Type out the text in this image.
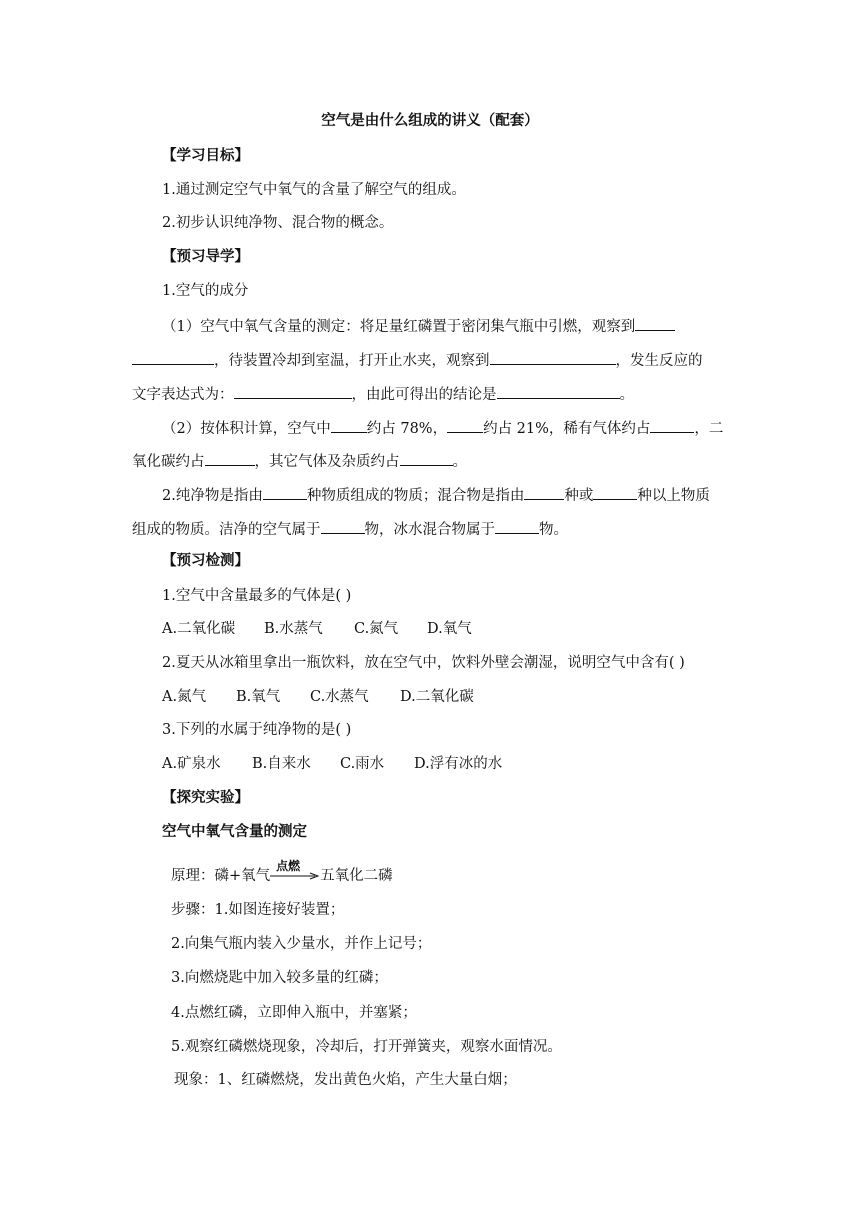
空气是由什么组成的讲义（配套）
【学习目标】
1.通过测定空气中氧气的含量了解空气的组成。
2.初步认识纯净物、混合物的概念。
【预习导学】
1.空气的成分
（1）空气中氧气含量的测定：将足量红磷置于密闭集气瓶中引燃，观察到
，待装置冷却到室温，打开止水夹，观察到	，发生反应的
文字表达式为：	，由此可得出的结论是	。
（2）按体积计算，空气中 约占 78%， 约占 21%，稀有气体约占	，二
氧化碳约占	，其它气体及杂质约占	。
2.纯净物是指由	种物质组成的物质；混合物是指由	种或	种以上物质
组成的物质。洁净的空气属于	物，冰水混合物属于	物。
【预习检测】
1.空气中含量最多的气体是( )
A.二氧化碳 B.水蒸气 C.氮气 D.氧气
2.夏天从冰箱里拿出一瓶饮料，放在空气中，饮料外壁会潮湿，说明空气中含有( )
A.氮气 B.氧气 C.水蒸气 D.二氧化碳
3.下列的水属于纯净物的是( )
A.矿泉水 B.自来水 C.雨水 D.浮有冰的水
【探究实验】
空气中氧气含量的测定
原理：磷+氧气
点燃
五氧化二磷
步骤：1.如图连接好装置；
2.向集气瓶内装入少量水，并作上记号；
3.向燃烧匙中加入较多量的红磷；
4.点燃红磷，立即伸入瓶中，并塞紧；
5.观察红磷燃烧现象，冷却后，打开弹簧夹，观察水面情况。
现象：1、红磷燃烧，发出黄色火焰，产生大量白烟；
